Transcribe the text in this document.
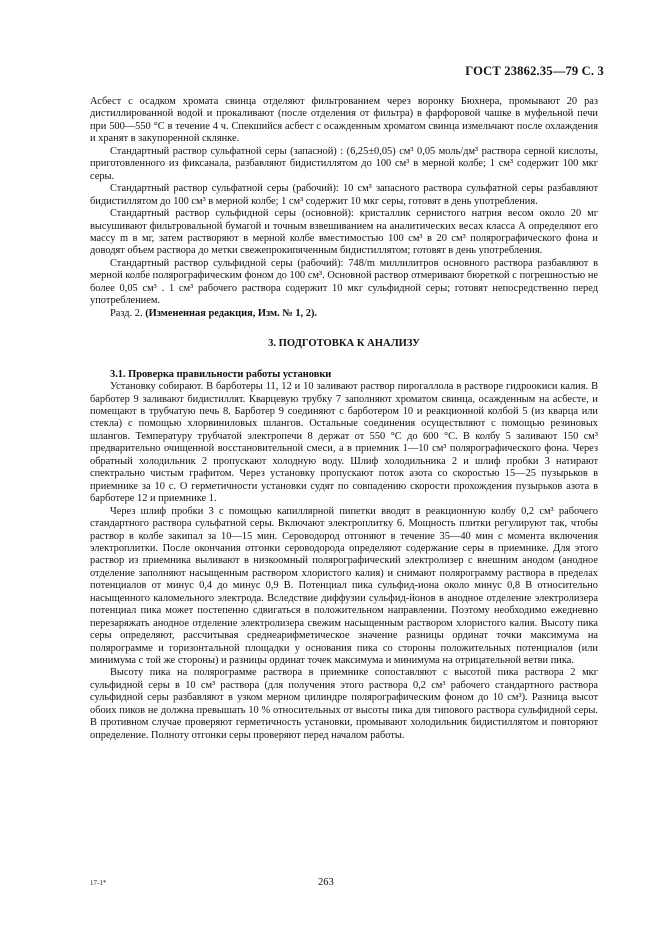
ГОСТ 23862.35—79 С. 3

Асбест с осадком хромата свинца отделяют фильтрованием через воронку Бюхнера, промывают 20 раз дистиллированной водой и прокаливают (после отделения от фильтра) в фарфоровой чашке в муфельной печи при 500—550 °С в течение 4 ч. Спекшийся асбест с осажденным хроматом свинца измельчают после охлаждения и хранят в закупоренной склянке.

Стандартный раствор сульфатной серы (запасной) : (6,25±0,05) см³ 0,05 моль/дм³ раствора серной кислоты, приготовленного из фиксанала, разбавляют бидистиллятом до 100 см³ в мерной колбе; 1 см³ содержит 100 мкг серы.

Стандартный раствор сульфатной серы (рабочий): 10 см³ запасного раствора сульфатной серы разбавляют бидистиллятом до 100 см³ в мерной колбе; 1 см³ содержит 10 мкг серы, готовят в день употребления.

Стандартный раствор сульфидной серы (основной): кристаллик сернистого натрия весом около 20 мг высушивают фильтровальной бумагой и точным взвешиванием на аналитических весах класса А определяют его массу m в мг, затем растворяют в мерной колбе вместимостью 100 см³ в 20 см³ полярографического фона и доводят объем раствора до метки свежепрокипяченным бидистиллятом; готовят в день употребления.

Стандартный раствор сульфидной серы (рабочий): 748/m миллилитров основного раствора разбавляют в мерной колбе полярографическим фоном до 100 см³. Основной раствор отмеривают бюреткой с погрешностью не более 0,05 см³ . 1 см³ рабочего раствора содержит 10 мкг сульфидной серы; готовят непосредственно перед употреблением.

Разд. 2. (Измененная редакция, Изм. № 1, 2).

3. ПОДГОТОВКА К АНАЛИЗУ

3.1. Проверка правильности работы установки

Установку собирают. В барботеры 11, 12 и 10 заливают раствор пирогаллола в растворе гидроокиси калия. В барботер 9 заливают бидистиллят. Кварцевую трубку 7 заполняют хроматом свинца, осажденным на асбесте, и помещают в трубчатую печь 8. Барботер 9 соединяют с барботером 10 и реакционной колбой 5 (из кварца или стекла) с помощью хлорвиниловых шлангов. Остальные соединения осуществляют с помощью резиновых шлангов. Температуру трубчатой электропечи 8 держат от 550 °С до 600 °С. В колбу 5 заливают 150 см³ предварительно очищенной восстановительной смеси, а в приемник 1—10 см³ полярографического фона. Через обратный холодильник 2 пропускают холодную воду. Шлиф холодильника 2 и шлиф пробки 3 натирают спектрально чистым графитом. Через установку пропускают поток азота со скоростью 15—25 пузырьков в приемнике за 10 с. О герметичности установки судят по совпадению скорости прохождения пузырьков азота в барботере 12 и приемнике 1.

Через шлиф пробки 3 с помощью капиллярной пипетки вводят в реакционную колбу 0,2 см³ рабочего стандартного раствора сульфатной серы. Включают электроплитку 6. Мощность плитки регулируют так, чтобы раствор в колбе закипал за 10—15 мин. Сероводород отгоняют в течение 35—40 мин с момента включения электроплитки. После окончания отгонки сероводорода определяют содержание серы в приемнике. Для этого раствор из приемника выливают в низкоомный полярографический электролизер с внешним анодом (анодное отделение заполняют насыщенным раствором хлористого калия) и снимают полярограмму раствора в пределах потенциалов от минус 0,4 до минус 0,9 В. Потенциал пика сульфид-иона около минус 0,8 В относительно насыщенного каломельного электрода. Вследствие диффузии сульфид-йонов в анодное отделение электролизера потенциал пика может постепенно сдвигаться в положительном направлении. Поэтому необходимо ежедневно перезаряжать анодное отделение электролизера свежим насыщенным раствором хлористого калия. Высоту пика серы определяют, рассчитывая среднеарифметическое значение разницы ординат точки максимума на полярограмме и горизонтальной площадки у основания пика со стороны положительных потенциалов (или минимума с той же стороны) и разницы ординат точек максимума и минимума на отрицательной ветви пика.

Высоту пика на полярограмме раствора в приемнике сопоставляют с высотой пика раствора 2 мкг сульфидной серы в 10 см³ раствора (для получения этого раствора 0,2 см³ рабочего стандартного раствора сульфидной серы разбавляют в узком мерном цилиндре полярографическим фоном до 10 см³). Разница высот обоих пиков не должна превышать 10 % относительных от высоты пика для типового раствора сульфидной серы. В противном случае проверяют герметичность установки, промывают холодильник бидистиллятом и повторяют определение. Полноту отгонки серы проверяют перед началом работы.

17-1*	263
